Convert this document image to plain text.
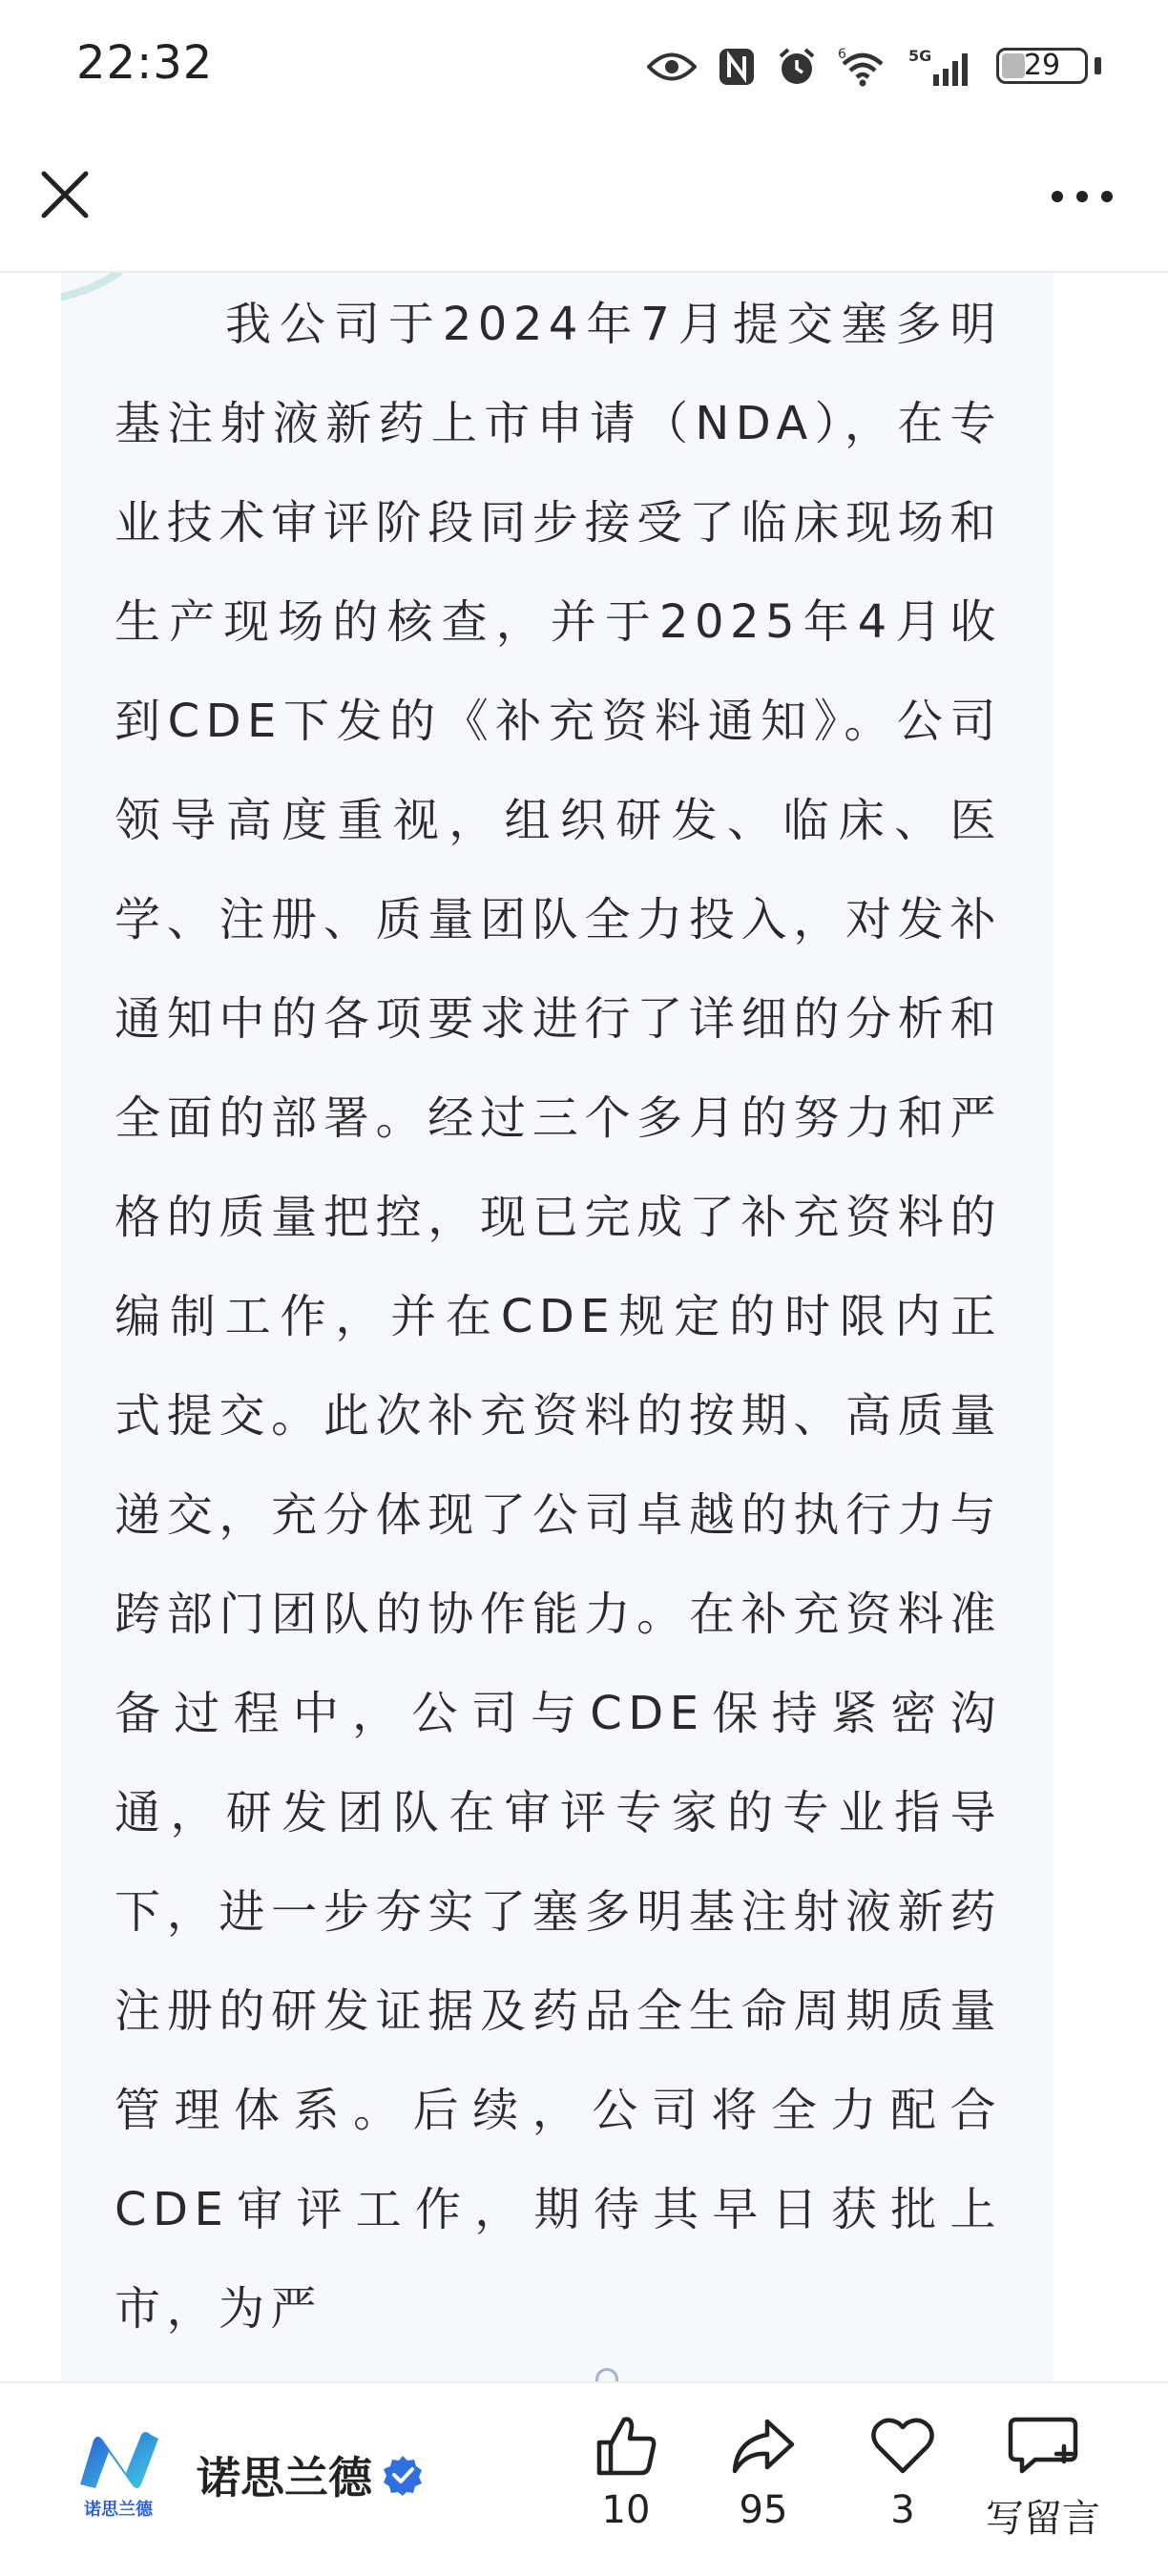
22:32	6	5G	29

我公司于2024年7月提交塞多明基注射液新药上市申请（NDA），在专业技术审评阶段同步接受了临床现场和生产现场的核查，并于2025年4月收到CDE下发的《补充资料通知》。公司领导高度重视，组织研发、临床、医学、注册、质量团队全力投入，对发补通知中的各项要求进行了详细的分析和全面的部署。经过三个多月的努力和严格的质量把控，现已完成了补充资料的编制工作，并在CDE规定的时限内正式提交。此次补充资料的按期、高质量递交，充分体现了公司卓越的执行力与跨部门团队的协作能力。在补充资料准备过程中，公司与CDE保持紧密沟通，研发团队在审评专家的专业指导下，进一步夯实了塞多明基注射液新药注册的研发证据及药品全生命周期质量管理体系。后续，公司将全力配合CDE审评工作，期待其早日获批上市，为严

诺思兰德
诺思兰德
10	95	3	写留言
